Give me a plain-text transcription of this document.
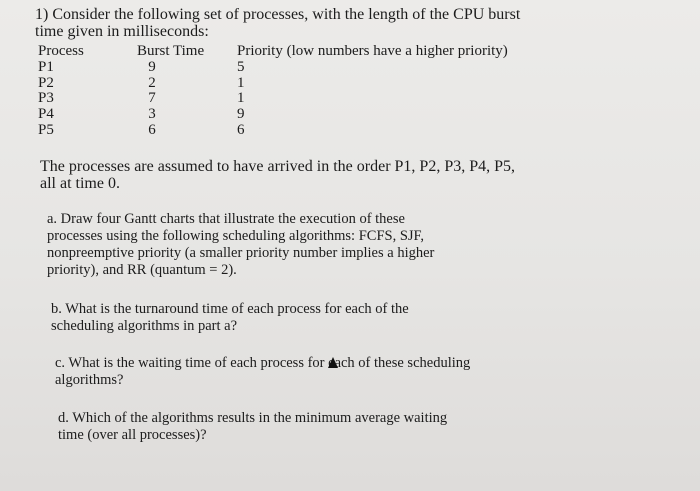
1) Consider the following set of processes, with the length of the CPU burst
time given in milliseconds:
Process	Burst Time Priority (low numbers have a higher priority)
P1	9	5
P2	2	1
P3	7	1
P4	3	9
P5	6	6
The processes are assumed to have arrived in the order P1, P2, P3, P4, P5,
all at time 0.
a. Draw four Gantt charts that illustrate the execution of these
processes using the following scheduling algorithms: FCFS, SJF,
nonpreemptive priority (a smaller priority number implies a higher
priority), and RR (quantum = 2).
b. What is the turnaround time of each process for each of the
scheduling algorithms in part a?
c. What is the waiting time of each process for each of these scheduling
algorithms?
d. Which of the algorithms results in the minimum average waiting
time (over all processes)?
